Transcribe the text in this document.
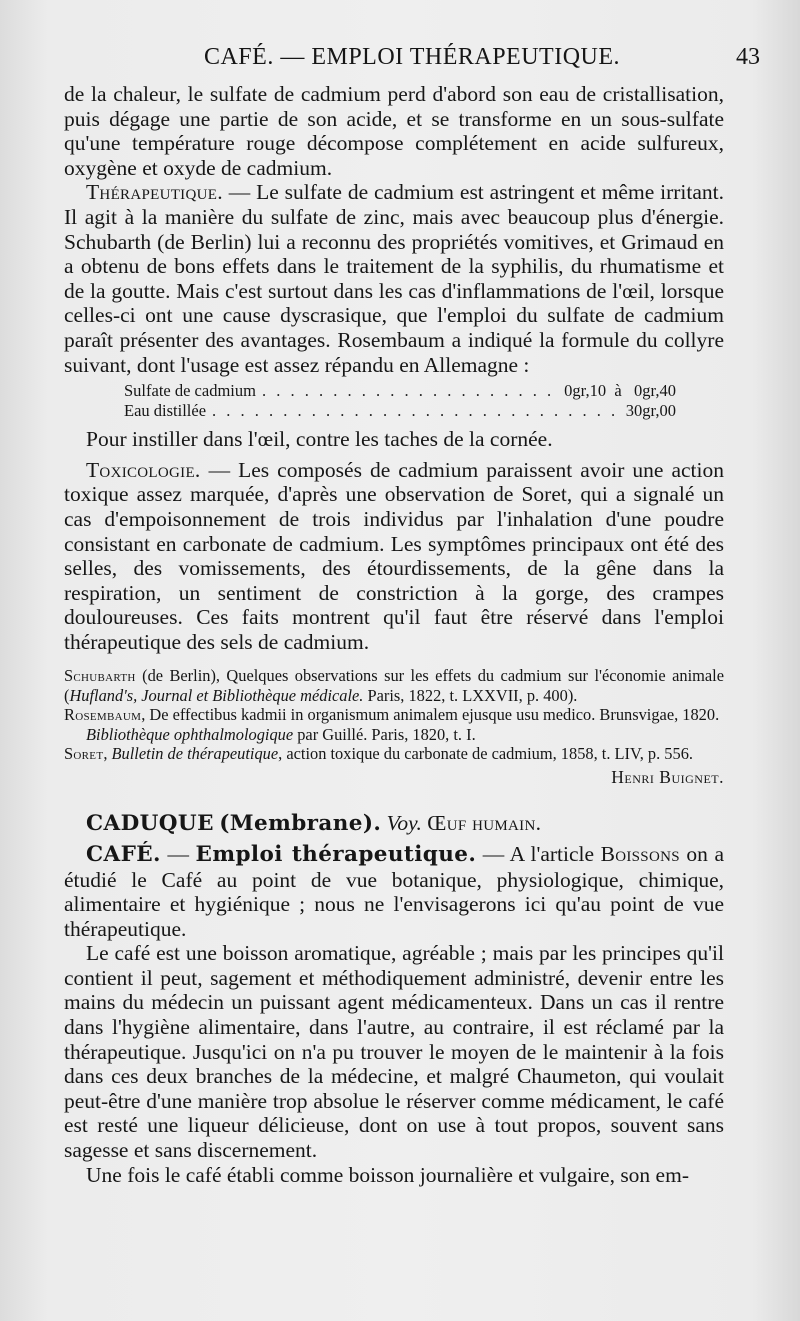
CAFÉ. — EMPLOI THÉRAPEUTIQUE.	43

de la chaleur, le sulfate de cadmium perd d'abord son eau de cristallisation, puis dégage une partie de son acide, et se transforme en un sous-sulfate qu'une température rouge décompose complétement en acide sulfureux, oxygène et oxyde de cadmium.

Thérapeutique. — Le sulfate de cadmium est astringent et même irritant. Il agit à la manière du sulfate de zinc, mais avec beaucoup plus d'énergie. Schubarth (de Berlin) lui a reconnu des propriétés vomitives, et Grimaud en a obtenu de bons effets dans le traitement de la syphilis, du rhumatisme et de la goutte. Mais c'est surtout dans les cas d'inflammations de l'œil, lorsque celles-ci ont une cause dyscrasique, que l'emploi du sulfate de cadmium paraît présenter des avantages. Rosembaum a indiqué la formule du collyre suivant, dont l'usage est assez répandu en Allemagne :

Sulfate de cadmium . . .	0gr,10  à   0gr,40
Eau distillée . . .	30gr,00

Pour instiller dans l'œil, contre les taches de la cornée.

Toxicologie. — Les composés de cadmium paraissent avoir une action toxique assez marquée, d'après une observation de Soret, qui a signalé un cas d'empoisonnement de trois individus par l'inhalation d'une poudre consistant en carbonate de cadmium. Les symptômes principaux ont été des selles, des vomissements, des étourdissements, de la gêne dans la respiration, un sentiment de constriction à la gorge, des crampes douloureuses. Ces faits montrent qu'il faut être réservé dans l'emploi thérapeutique des sels de cadmium.

Schubarth (de Berlin), Quelques observations sur les effets du cadmium sur l'économie animale (Hufland's, Journal et Bibliothèque médicale. Paris, 1822, t. LXXVII, p. 400).

Rosembaum, De effectibus kadmii in organismum animalem ejusque usu medico. Brunsvigae, 1820.
Bibliothèque ophthalmologique par Guillé. Paris, 1820, t. I.

Soret, Bulletin de thérapeutique, action toxique du carbonate de cadmium, 1858, t. LIV, p. 556.

Henri Buignet.

CADUQUE (Membrane). Voy. Œuf humain.

CAFÉ. — Emploi thérapeutique. — A l'article Boissons on a étudié le Café au point de vue botanique, physiologique, chimique, alimentaire et hygiénique ; nous ne l'envisagerons ici qu'au point de vue thérapeutique.

Le café est une boisson aromatique, agréable ; mais par les principes qu'il contient il peut, sagement et méthodiquement administré, devenir entre les mains du médecin un puissant agent médicamenteux. Dans un cas il rentre dans l'hygiène alimentaire, dans l'autre, au contraire, il est réclamé par la thérapeutique. Jusqu'ici on n'a pu trouver le moyen de le maintenir à la fois dans ces deux branches de la médecine, et malgré Chaumeton, qui voulait peut-être d'une manière trop absolue le réserver comme médicament, le café est resté une liqueur délicieuse, dont on use à tout propos, souvent sans sagesse et sans discernement.

Une fois le café établi comme boisson journalière et vulgaire, son em-
